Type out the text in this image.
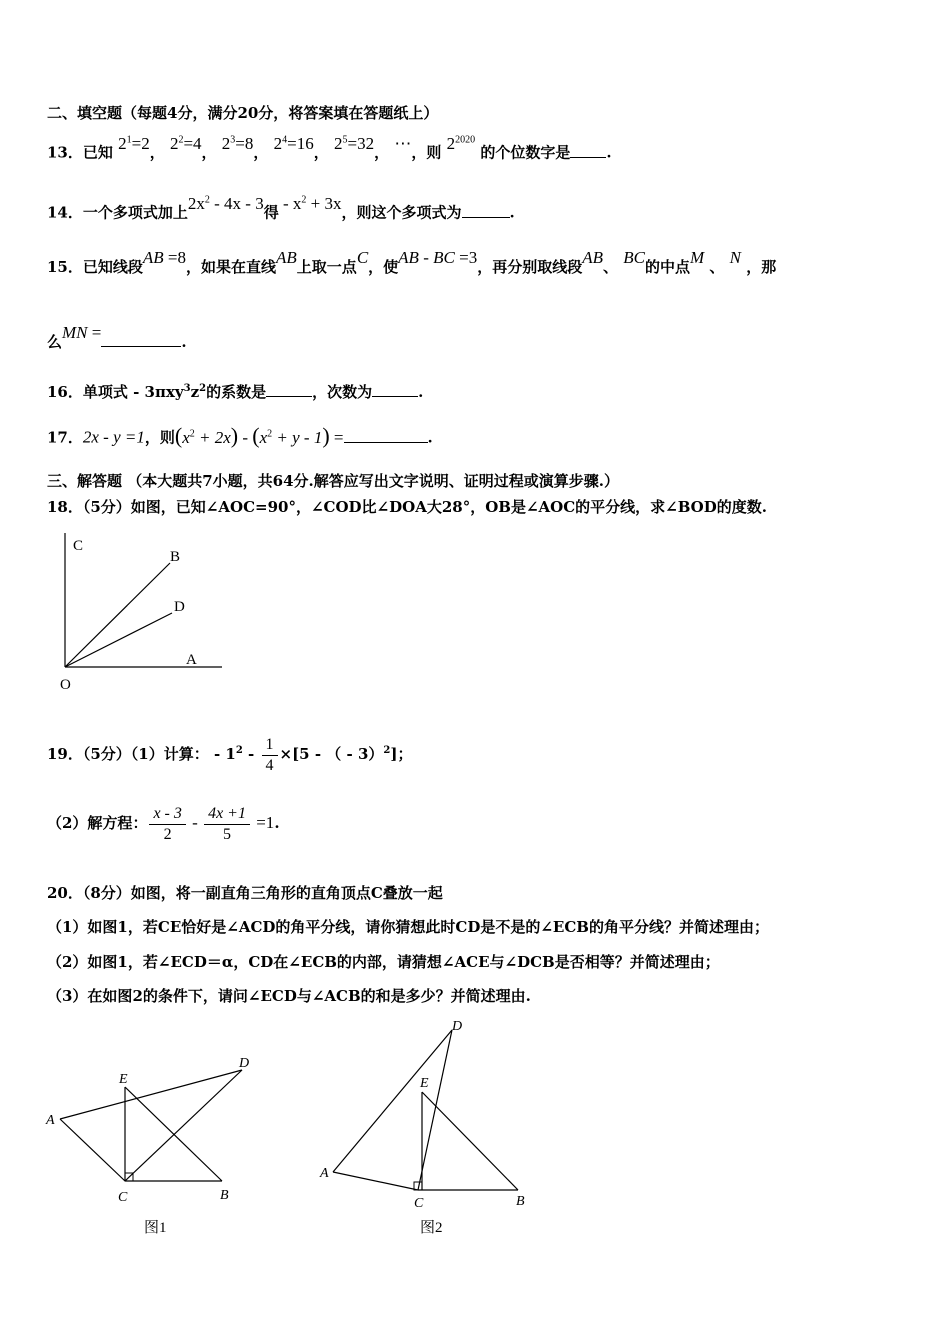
二、填空题（每题4分，满分20分，将答案填在答题纸上）
13．已知 $2^1=2$， $2^2=4$， $2^3=8$， $2^4=16$， $2^5=32$， ⋯，则 $2^{2020}$ 的个位数字是 .
14．一个多项式加上$2x^2 - 4x - 3$得 - $x^2 + 3x$，则这个多项式为	.
15．已知线段AB =8，如果在直线AB上取一点C，使AB - BC =3，再分别取线段AB、 BC的中点M 、 N ，那
么MN =	.
16．单项式 - $3\pi xy^3z^2$的系数是	，次数为	.
17．2x - y =1，则$(x^2 + 2x) - (x^2 + y - 1)$ =	.
三、解答题 （本大题共7小题，共64分.解答应写出文字说明、证明过程或演算步骤.）
18．（5分）如图，已知∠AOC=90°，∠COD比∠DOA大28°，OB是∠AOC的平分线，求∠BOD的度数.
C
B
D
A
O
19．（5分）（1）计算： - $1^2 - \frac{1}{4} \times[5$ - （ - 3）$^2$]；
（2）解方程： $\frac{x - 3}{2} - \frac{4x +1}{5} =1$.
20．（8分）如图，将一副直角三角形的直角顶点C叠放一起
（1）如图1，若CE恰好是∠ACD的角平分线，请你猜想此时CD是不是的∠ECB的角平分线？并简述理由；
（2）如图1，若∠ECD＝α，CD在∠ECB的内部，请猜想∠ACE与∠DCB是否相等？并简述理由；
（3）在如图2的条件下，请问∠ECD与∠ACB的和是多少？并简述理由.
A
E
D
C	B
图1
D
E
A
C	B
图2
